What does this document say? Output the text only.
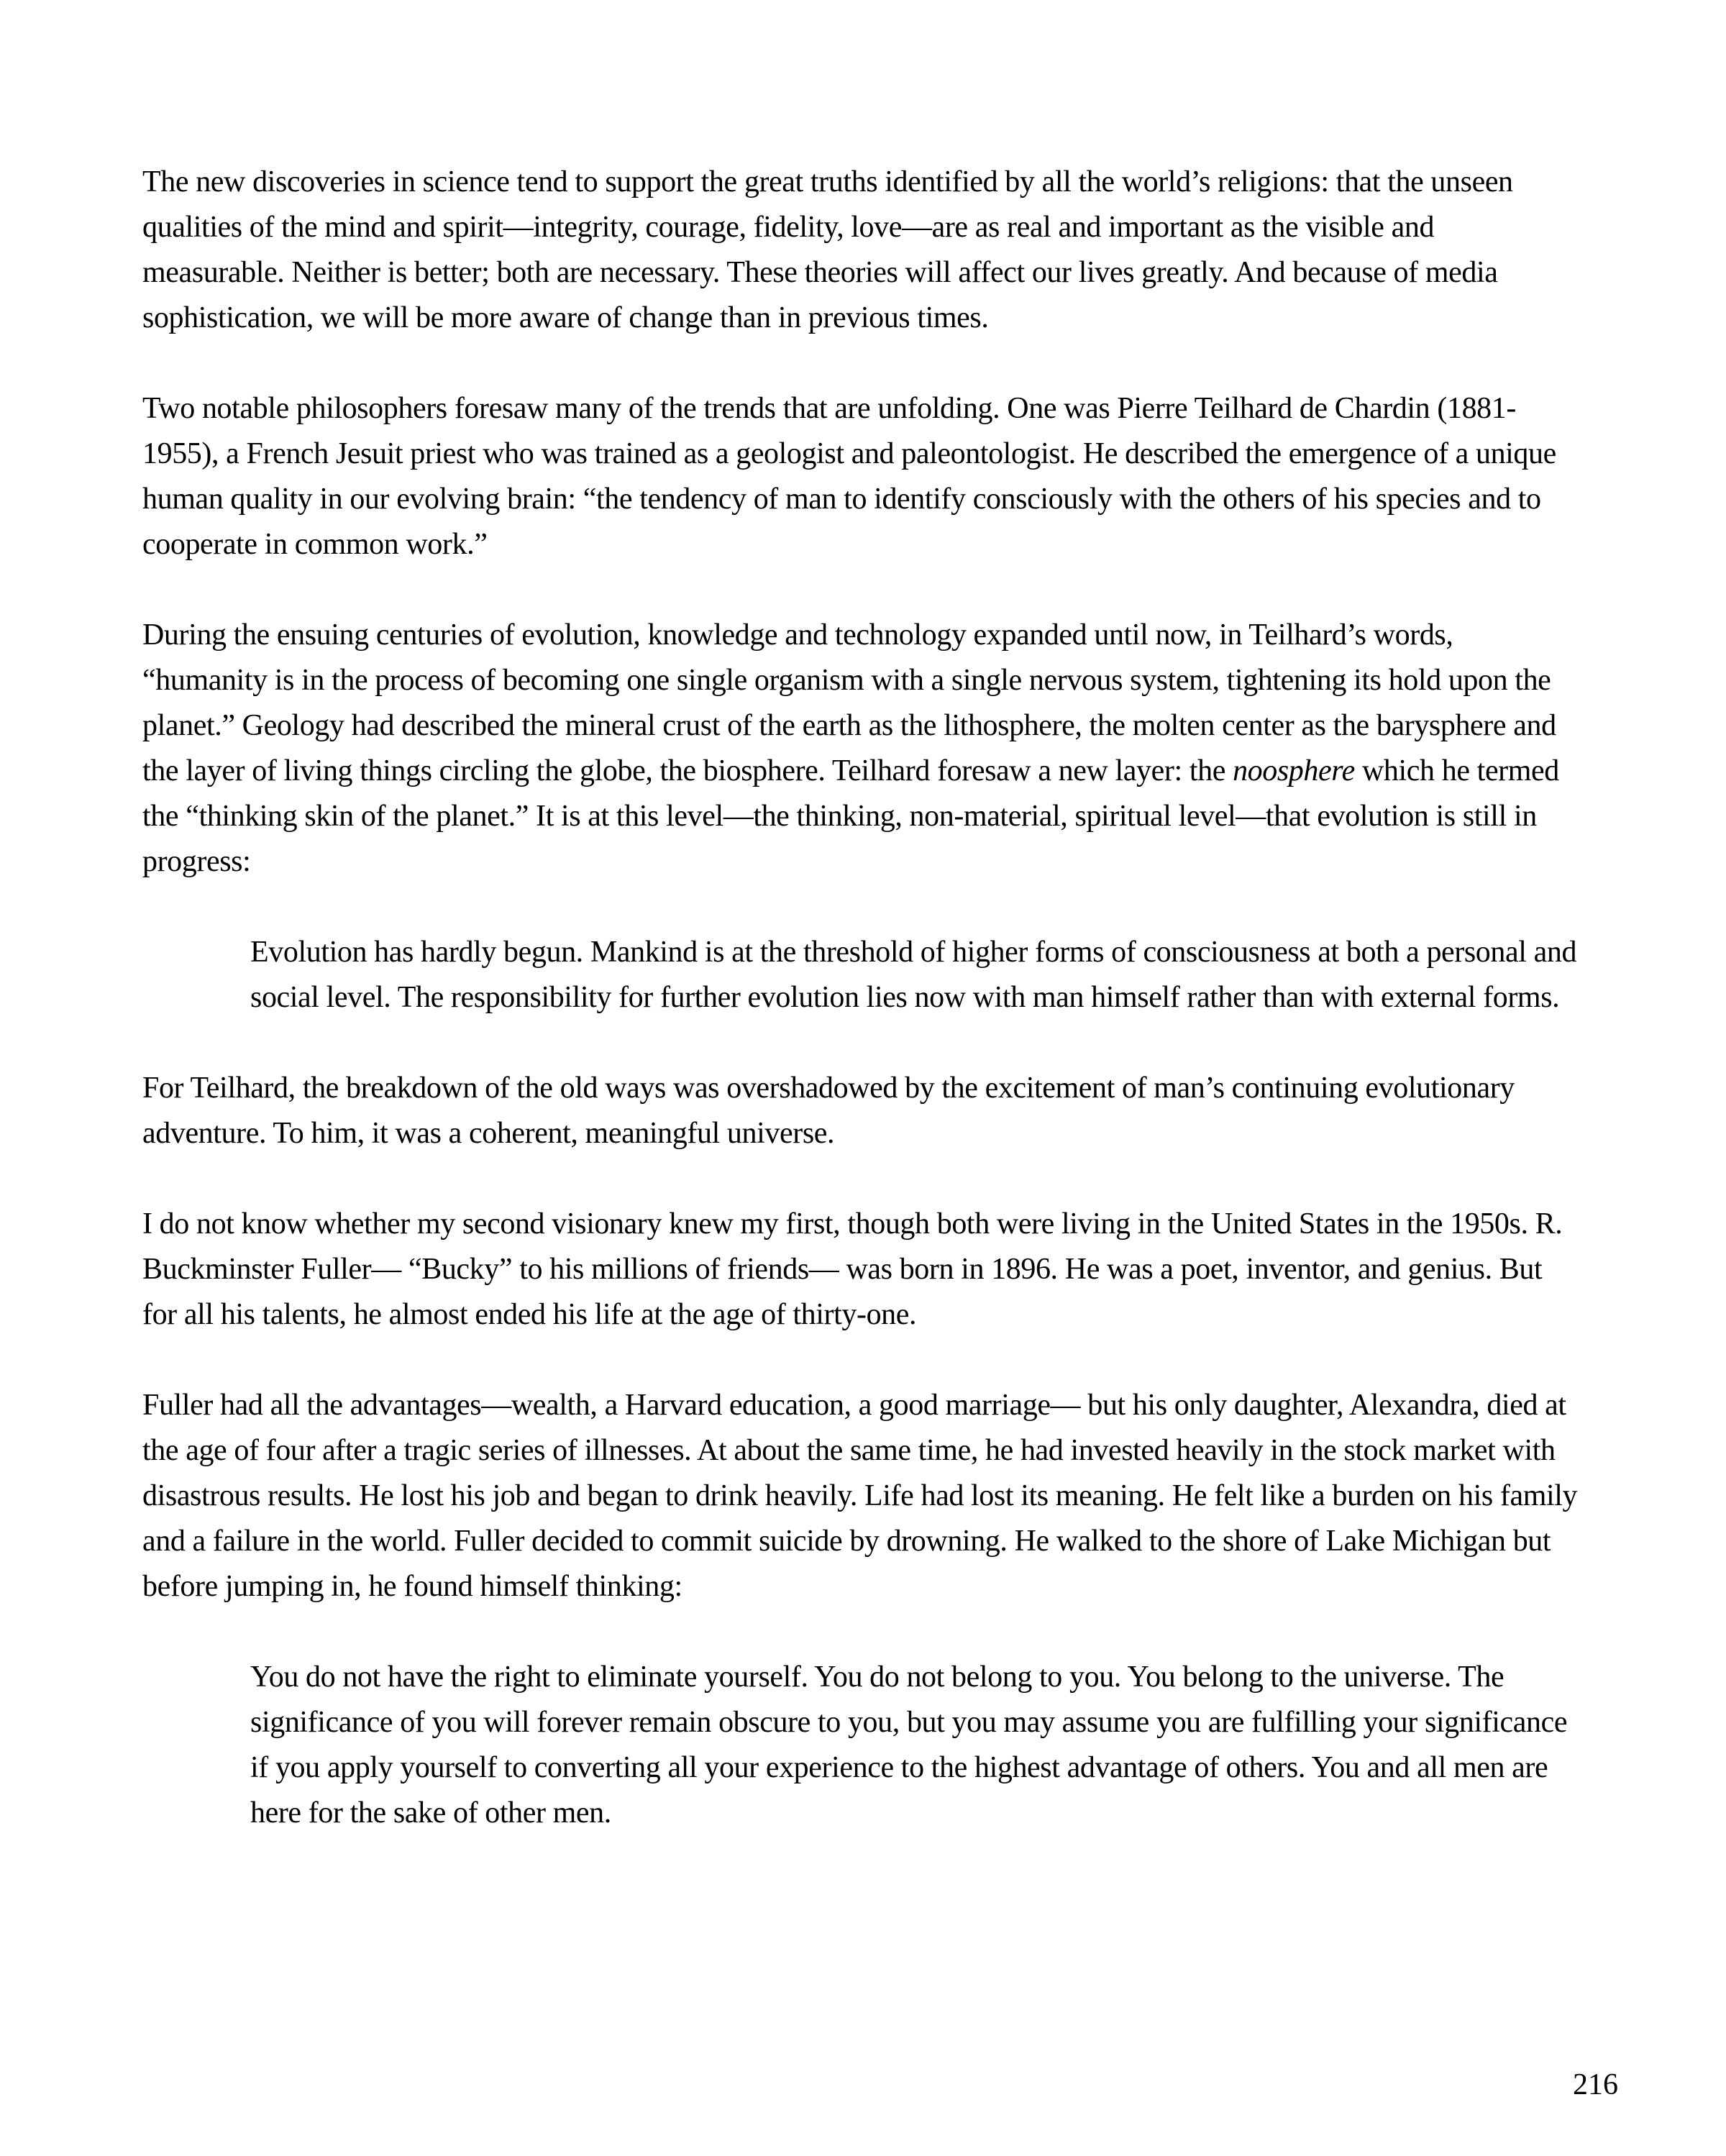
The new discoveries in science tend to support the great truths identified by all the world’s religions: that the unseen qualities of the mind and spirit—integrity, courage, fidelity, love—are as real and important as the visible and measurable. Neither is better; both are necessary. These theories will affect our lives greatly. And because of media sophistication, we will be more aware of change than in previous times.

Two notable philosophers foresaw many of the trends that are unfolding. One was Pierre Teilhard de Chardin (1881-1955), a French Jesuit priest who was trained as a geologist and paleontologist. He described the emergence of a unique human quality in our evolving brain: “the tendency of man to identify consciously with the others of his species and to cooperate in common work.”

During the ensuing centuries of evolution, knowledge and technology expanded until now, in Teilhard’s words, “humanity is in the process of becoming one single organism with a single nervous system, tightening its hold upon the planet.” Geology had described the mineral crust of the earth as the lithosphere, the molten center as the barysphere and the layer of living things circling the globe, the biosphere. Teilhard foresaw a new layer: the noosphere which he termed the “thinking skin of the planet.” It is at this level—the thinking, non-material, spiritual level—that evolution is still in progress:

Evolution has hardly begun. Mankind is at the threshold of higher forms of consciousness at both a personal and social level. The responsibility for further evolution lies now with man himself rather than with external forms.

For Teilhard, the breakdown of the old ways was overshadowed by the excitement of man’s continuing evolutionary adventure. To him, it was a coherent, meaningful universe.

I do not know whether my second visionary knew my first, though both were living in the United States in the 1950s. R. Buckminster Fuller— “Bucky” to his millions of friends— was born in 1896. He was a poet, inventor, and genius. But for all his talents, he almost ended his life at the age of thirty-one.

Fuller had all the advantages—wealth, a Harvard education, a good marriage— but his only daughter, Alexandra, died at the age of four after a tragic series of illnesses. At about the same time, he had invested heavily in the stock market with disastrous results. He lost his job and began to drink heavily. Life had lost its meaning. He felt like a burden on his family and a failure in the world. Fuller decided to commit suicide by drowning. He walked to the shore of Lake Michigan but before jumping in, he found himself thinking:

You do not have the right to eliminate yourself. You do not belong to you. You belong to the universe. The significance of you will forever remain obscure to you, but you may assume you are fulfilling your significance if you apply yourself to converting all your experience to the highest advantage of others. You and all men are here for the sake of other men.

216
